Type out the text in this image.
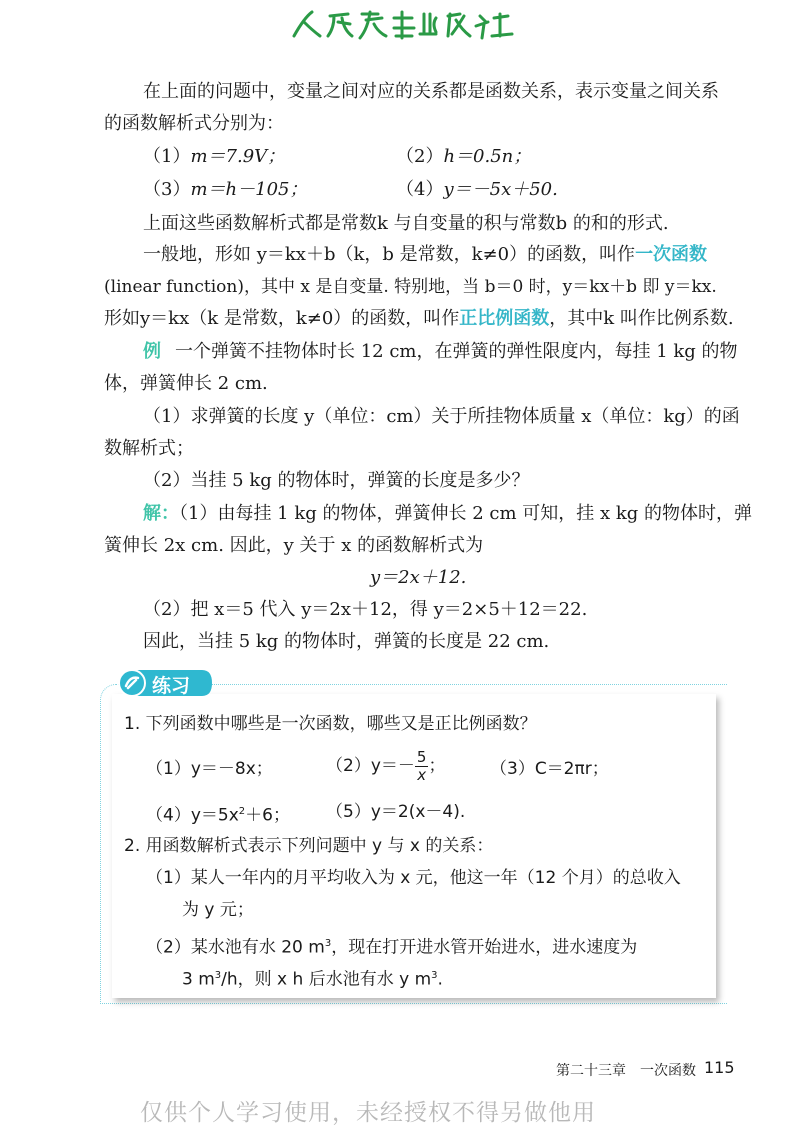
在上面的问题中，变量之间对应的关系都是函数关系，表示变量之间关系
的函数解析式分别为：
（1）m＝7.9V；	（2）h＝0.5n；
（3）m＝h－105；	（4）y＝－5x＋50.
上面这些函数解析式都是常数k 与自变量的积与常数b 的和的形式.
一般地，形如 y＝kx＋b（k，b 是常数，k≠0）的函数，叫作一次函数
(linear function)，其中 x 是自变量. 特别地，当 b＝0 时，y＝kx＋b 即 y＝kx.
形如y＝kx（k 是常数，k≠0）的函数，叫作正比例函数，其中k 叫作比例系数.
例 一个弹簧不挂物体时长 12 cm，在弹簧的弹性限度内，每挂 1 kg 的物
体，弹簧伸长 2 cm.
（1）求弹簧的长度 y（单位：cm）关于所挂物体质量 x（单位：kg）的函
数解析式；
（2）当挂 5 kg 的物体时，弹簧的长度是多少？
解：（1）由每挂 1 kg 的物体，弹簧伸长 2 cm 可知，挂 x kg 的物体时，弹
簧伸长 2x cm. 因此，y 关于 x 的函数解析式为
y＝2x＋12.
（2）把 x＝5 代入 y＝2x＋12，得 y＝2×5＋12＝22.
因此，当挂 5 kg 的物体时，弹簧的长度是 22 cm.
练习
1. 下列函数中哪些是一次函数，哪些又是正比例函数？
（1）y＝－8x；	$(2)y=- \frac{5}{x}$ ；	（3）C＝2πr；
$(4)y=5x^2+6$； （5）y＝2(x－4).
2. 用函数解析式表示下列问题中 y 与 x 的关系：
（1）某人一年内的月平均收入为 x 元，他这一年（12 个月）的总收入
为 y 元；
（2）某水池有水 20 $m^3$，现在打开进水管开始进水，进水速度为
3 $m^3/h$，则 x h 后水池有水 y $m^3$.
第二十三章　一次函数 115
仅供个人学习使用，未经授权不得另做他用
